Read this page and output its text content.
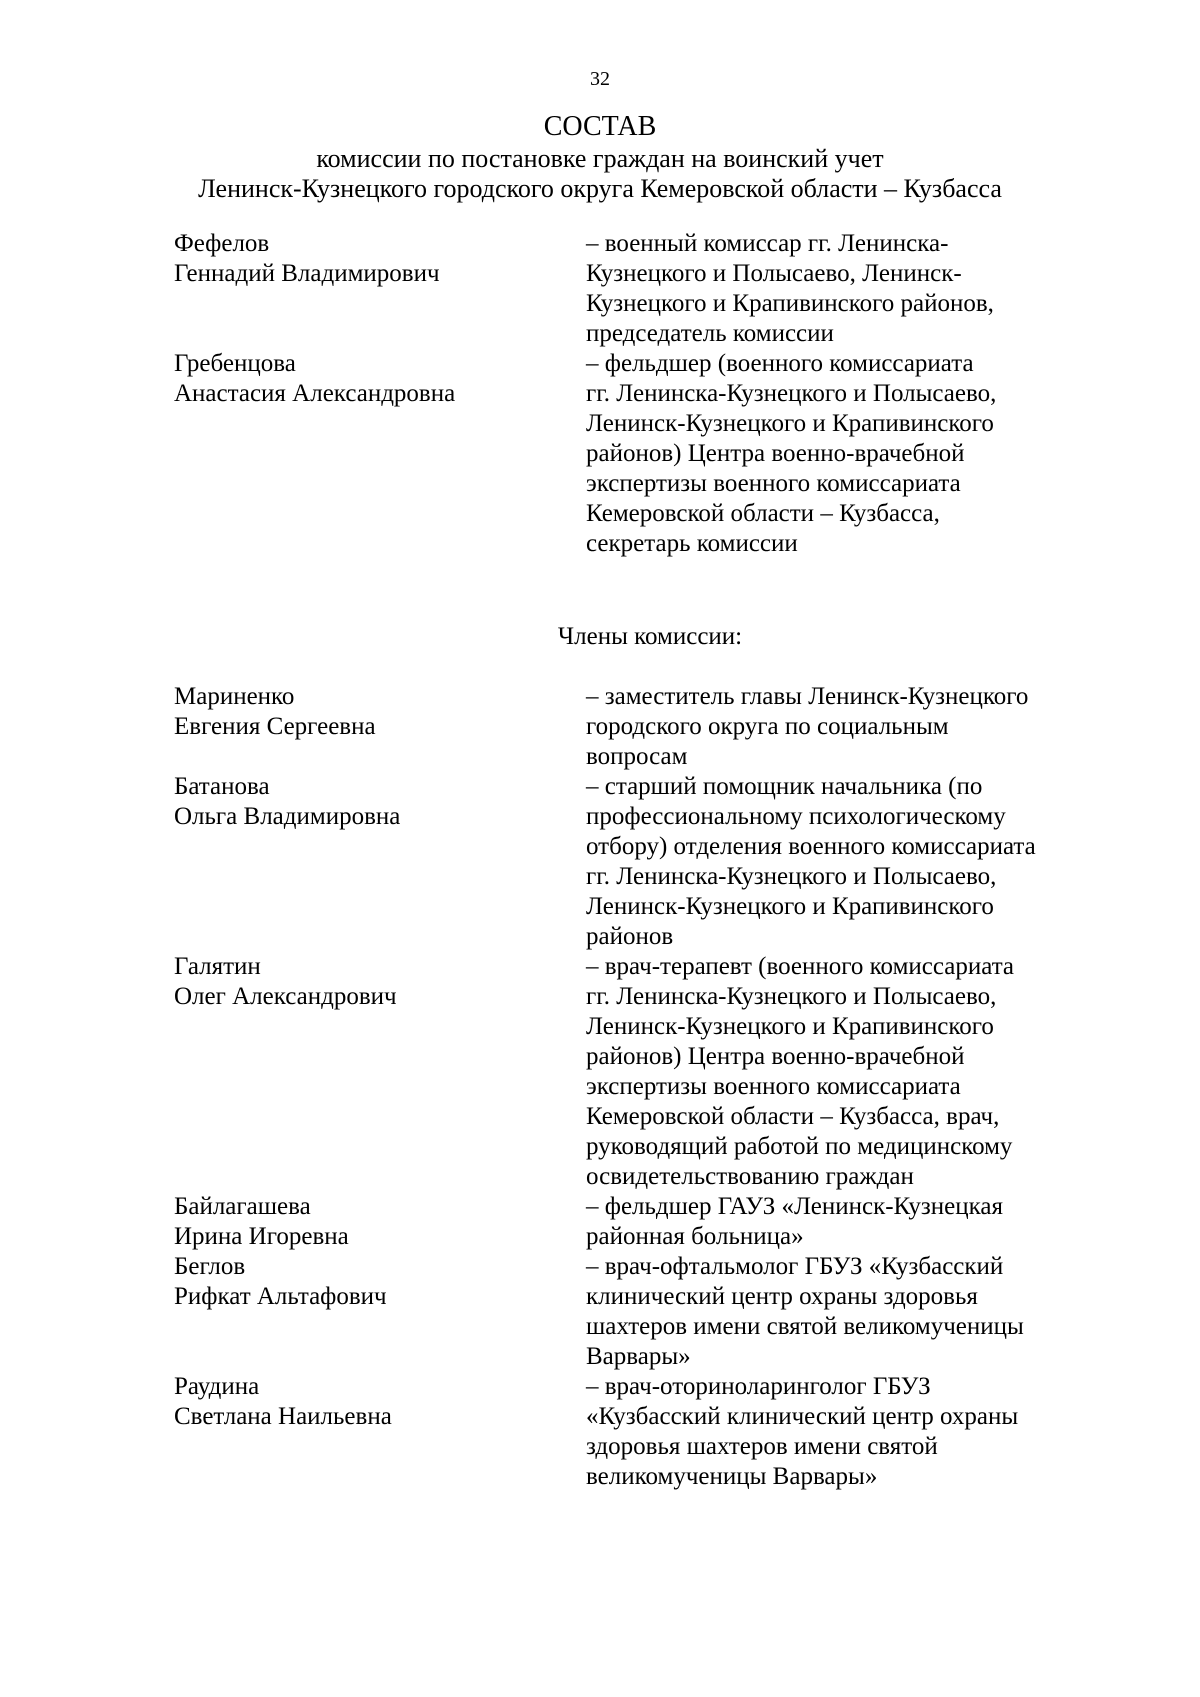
32
СОСТАВ
комиссии по постановке граждан на воинский учет
Ленинск-Кузнецкого городского округа Кемеровской области – Кузбасса
Фефелов
Геннадий Владимирович
– военный комиссар гг. Ленинска-
Кузнецкого и Полысаево, Ленинск-
Кузнецкого и Крапивинского районов,
председатель комиссии
Гребенцова
Анастасия Александровна
– фельдшер (военного комиссариата
гг. Ленинска-Кузнецкого и Полысаево,
Ленинск-Кузнецкого и Крапивинского
районов) Центра военно-врачебной
экспертизы военного комиссариата
Кемеровской области – Кузбасса,
секретарь комиссии
Члены комиссии:
Мариненко
Евгения Сергеевна
– заместитель главы Ленинск-Кузнецкого
городского округа по социальным
вопросам
Батанова
Ольга Владимировна
– старший помощник начальника (по
профессиональному психологическому
отбору) отделения военного комиссариата
гг. Ленинска-Кузнецкого и Полысаево,
Ленинск-Кузнецкого и Крапивинского
районов
Галятин
Олег Александрович
– врач-терапевт (военного комиссариата
гг. Ленинска-Кузнецкого и Полысаево,
Ленинск-Кузнецкого и Крапивинского
районов) Центра военно-врачебной
экспертизы военного комиссариата
Кемеровской области – Кузбасса, врач,
руководящий работой по медицинскому
освидетельствованию граждан
Байлагашева
Ирина Игоревна
– фельдшер ГАУЗ «Ленинск-Кузнецкая
районная больница»
Беглов
Рифкат Альтафович
– врач-офтальмолог ГБУЗ «Кузбасский
клинический центр охраны здоровья
шахтеров имени святой великомученицы
Варвары»
Раудина
Светлана Наильевна
– врач-оториноларинголог ГБУЗ
«Кузбасский клинический центр охраны
здоровья шахтеров имени святой
великомученицы Варвары»
